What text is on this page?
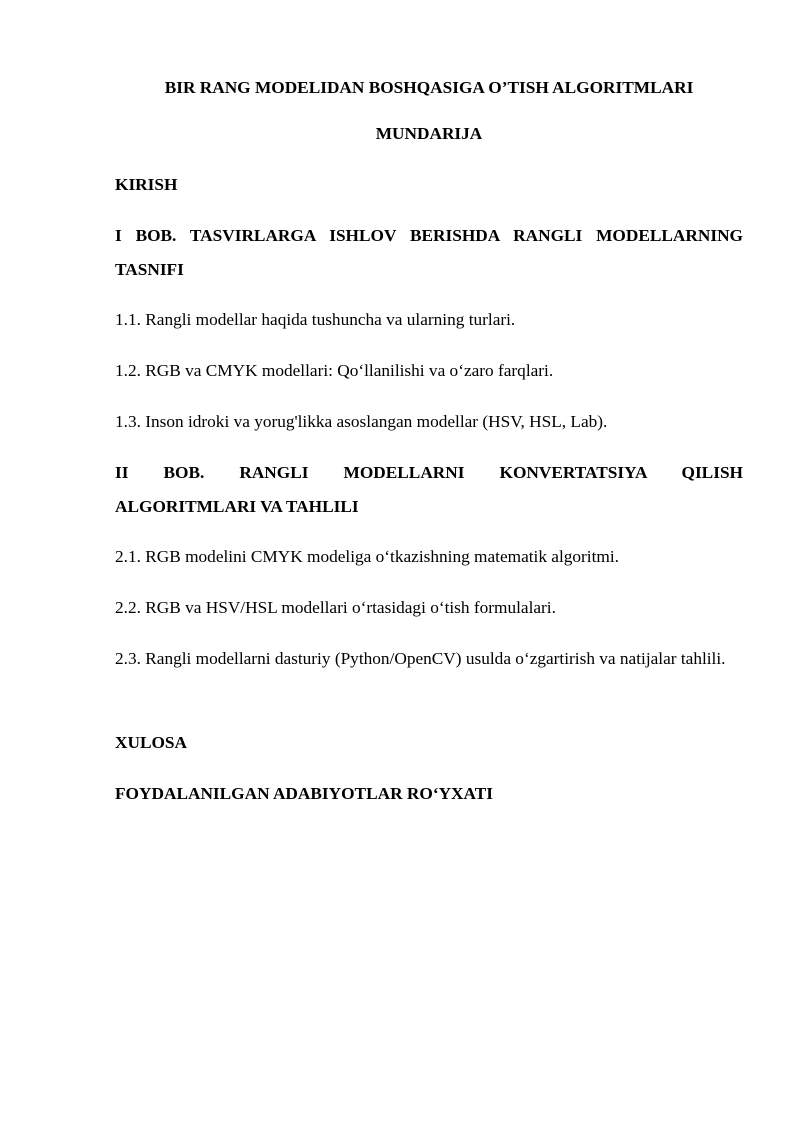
BIR RANG MODELIDAN BOSHQASIGA O’TISH ALGORITMLARI

MUNDARIJA

KIRISH

I BOB. TASVIRLARGA ISHLOV BERISHDA RANGLI MODELLARNING TASNIFI

1.1. Rangli modellar haqida tushuncha va ularning turlari.

1.2. RGB va CMYK modellari: Qo‘llanilishi va o‘zaro farqlari.

1.3. Inson idroki va yorug'likka asoslangan modellar (HSV, HSL, Lab).

II BOB. RANGLI MODELLARNI KONVERTATSIYA QILISH

ALGORITMLARI VA TAHLILI

2.1. RGB modelini CMYK modeliga o‘tkazishning matematik algoritmi.

2.2. RGB va HSV/HSL modellari o‘rtasidagi o‘tish formulalari.

2.3. Rangli modellarni dasturiy (Python/OpenCV) usulda o‘zgartirish va natijalar tahlili.

XULOSA

FOYDALANILGAN ADABIYOTLAR RO‘YXATI
